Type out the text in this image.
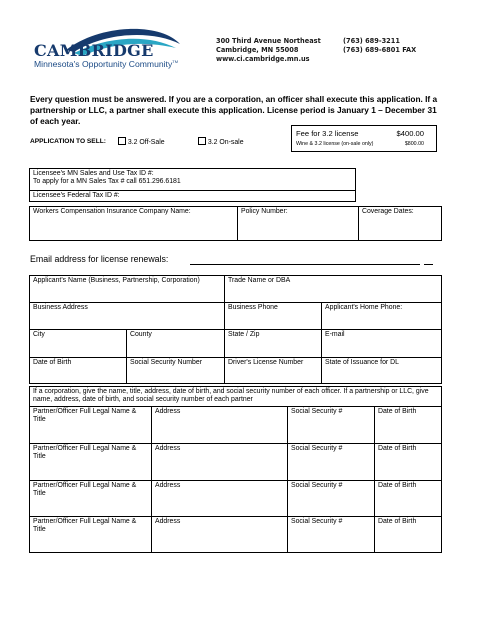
CAMBRIDGE
Minnesota's Opportunity Community™
300 Third Avenue Northeast
Cambridge, MN 55008
www.ci.cambridge.mn.us
(763) 689-3211
(763) 689-6801 FAX
Every question must be answered. If you are a corporation, an officer shall execute this application. If a
partnership or LLC, a partner shall execute this application. License period is January 1 – December 31
of each year.
APPLICATION TO SELL:	3.2 Off-Sale	3.2 On-sale
Fee for 3.2 license	$400.00
Wine & 3.2 license (on-sale only)	$800.00
Licensee's MN Sales and Use Tax ID #:
To apply for a MN Sales Tax # call 651.296.6181

Licensee's Federal Tax ID #:
Workers Compensation Insurance Company Name:	Policy Number:	Coverage Dates:
Email address for license renewals:
Applicant's Name (Business, Partnership, Corporation)		Trade Name or DBA	
Business Address		Business Phone	Applicant's Home Phone:
City	County	State / Zip	E-mail
Date of Birth	Social Security Number	Driver's License Number	State of Issuance for DL
If a corporation, give the name, title, address, date of birth, and social security number of each officer. If a partnership or LLC, give name, address, date of birth, and social security number of each partner			
Partner/Officer Full Legal Name & Title	Address	Social Security #	Date of Birth
Partner/Officer Full Legal Name & Title	Address	Social Security #	Date of Birth
Partner/Officer Full Legal Name & Title	Address	Social Security #	Date of Birth
Partner/Officer Full Legal Name & Title	Address	Social Security #	Date of Birth
